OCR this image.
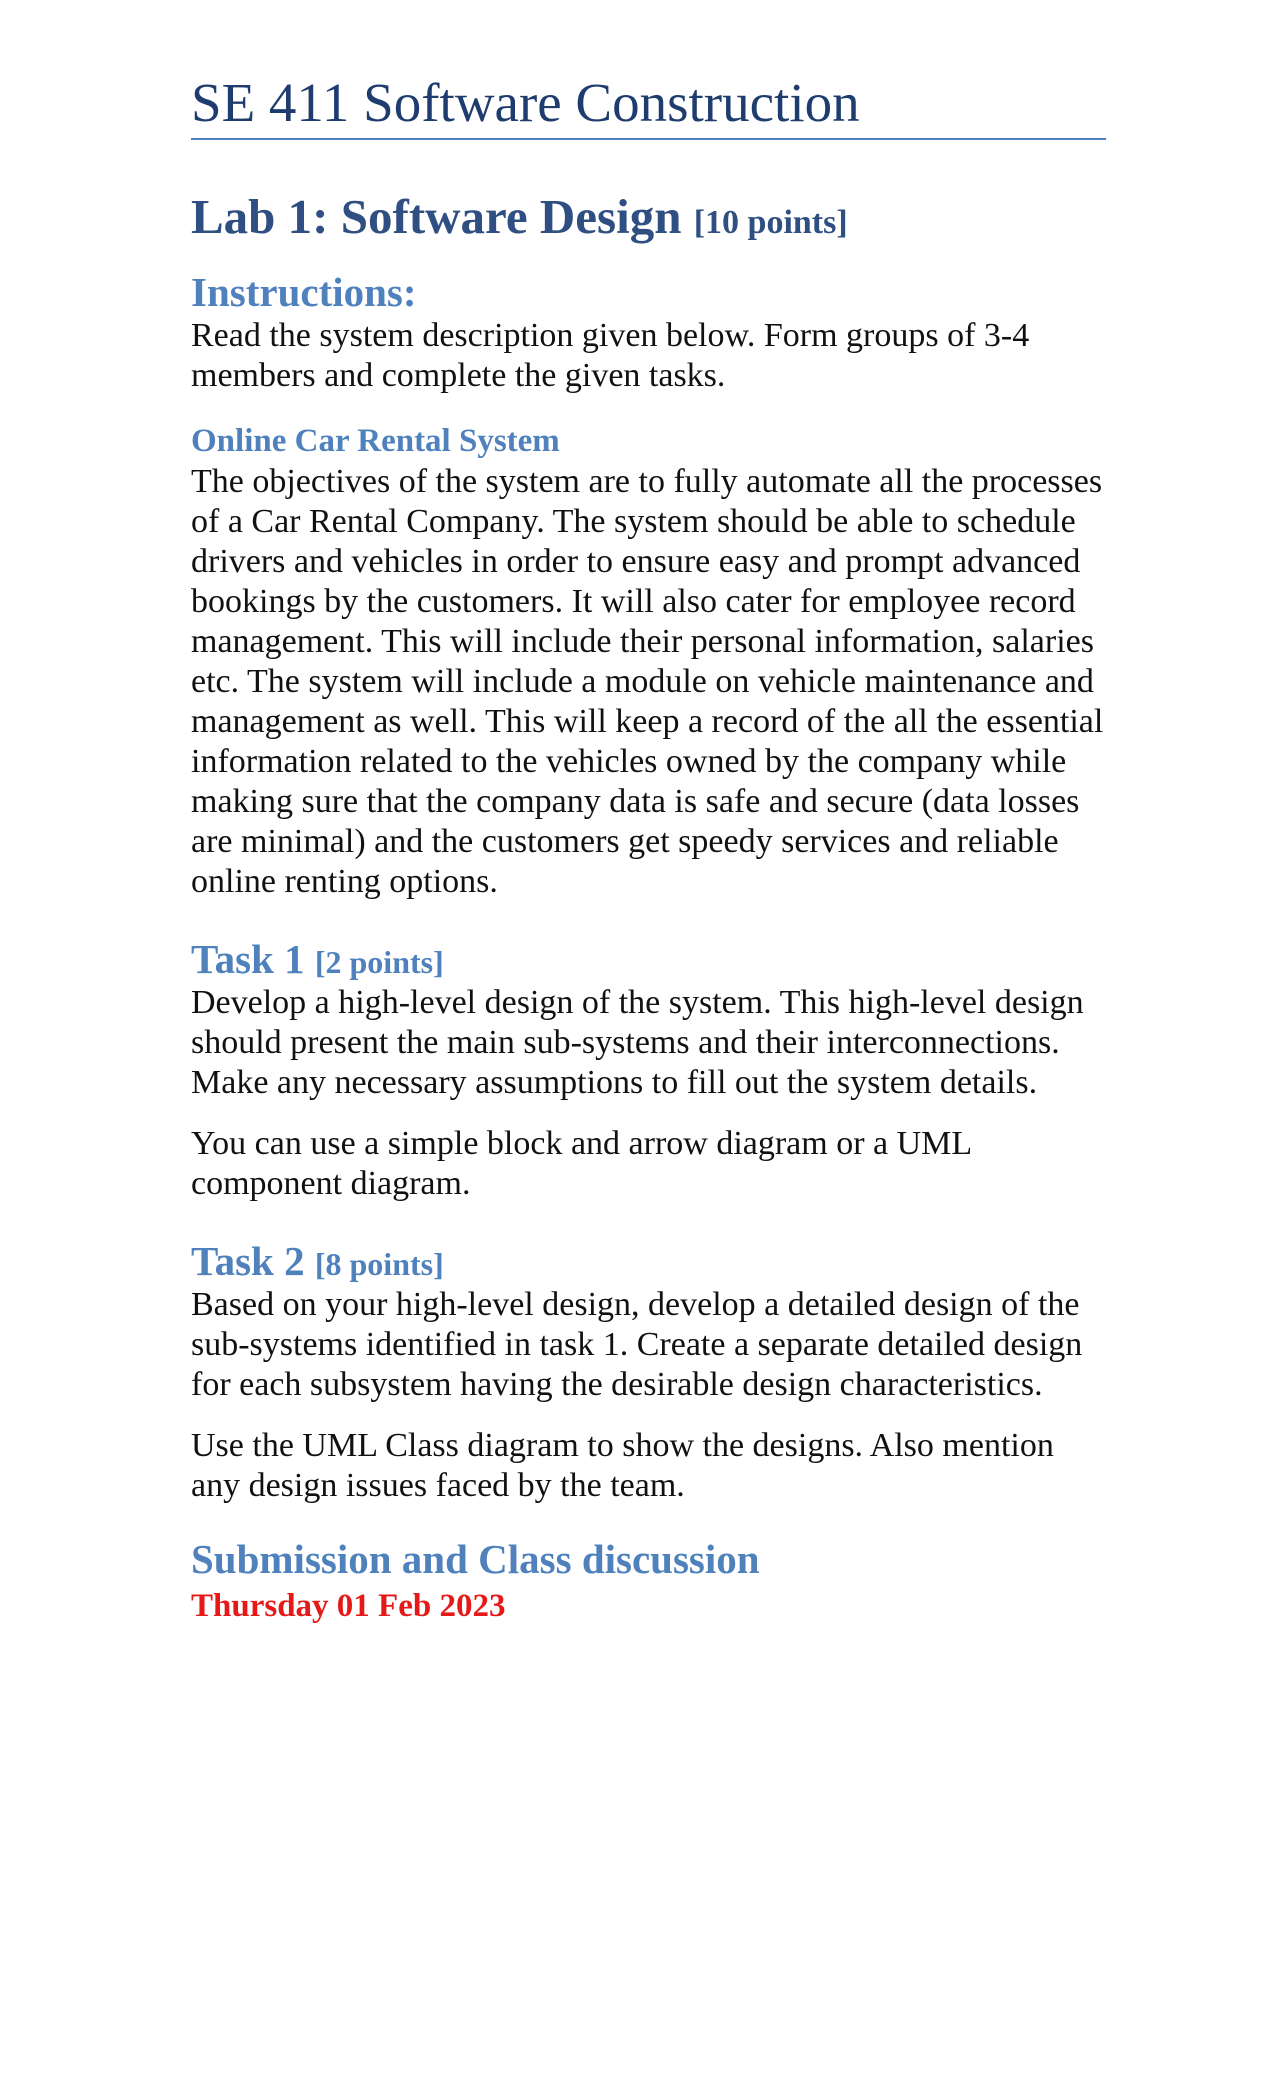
SE 411 Software Construction
Lab 1: Software Design [10 points]
Instructions:

Read the system description given below. Form groups of 3-4 members and complete the given tasks.

Online Car Rental System

The objectives of the system are to fully automate all the processes of a Car Rental Company. The system should be able to schedule drivers and vehicles in order to ensure easy and prompt advanced bookings by the customers. It will also cater for employee record management. This will include their personal information, salaries etc. The system will include a module on vehicle maintenance and management as well. This will keep a record of the all the essential information related to the vehicles owned by the company while making sure that the company data is safe and secure (data losses are minimal) and the customers get speedy services and reliable online renting options.

Task 1 [2 points]

Develop a high-level design of the system. This high-level design should present the main sub-systems and their interconnections. Make any necessary assumptions to fill out the system details.

You can use a simple block and arrow diagram or a UML component diagram.

Task 2 [8 points]

Based on your high-level design, develop a detailed design of the sub-systems identified in task 1. Create a separate detailed design for each subsystem having the desirable design characteristics.

Use the UML Class diagram to show the designs. Also mention any design issues faced by the team.

Submission and Class discussion
Thursday 01 Feb 2023
